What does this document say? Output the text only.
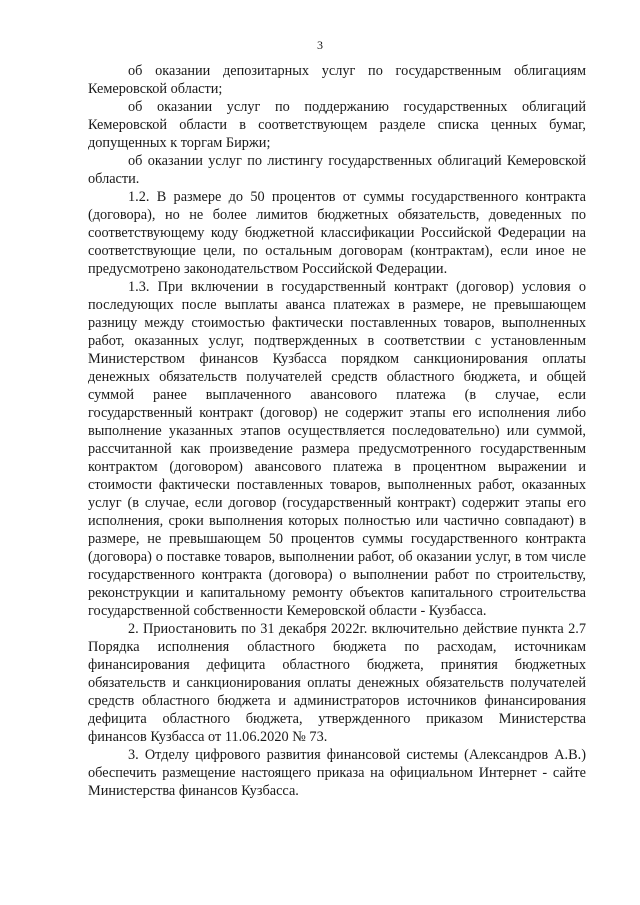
3

об оказании депозитарных услуг по государственным облигациям Кемеровской области;

об оказании услуг по поддержанию государственных облигаций Кемеровской области в соответствующем разделе списка ценных бумаг, допущенных к торгам Биржи;

об оказании услуг по листингу государственных облигаций Кемеровской области.

1.2. В размере до 50 процентов от суммы государственного контракта (договора), но не более лимитов бюджетных обязательств, доведенных по соответствующему коду бюджетной классификации Российской Федерации на соответствующие цели, по остальным договорам (контрактам), если иное не предусмотрено законодательством Российской Федерации.

1.3. При включении в государственный контракт (договор) условия о последующих после выплаты аванса платежах в размере, не превышающем разницу между стоимостью фактически поставленных товаров, выполненных работ, оказанных услуг, подтвержденных в соответствии с установленным Министерством финансов Кузбасса порядком санкционирования оплаты денежных обязательств получателей средств областного бюджета, и общей суммой ранее выплаченного авансового платежа (в случае, если государственный контракт (договор) не содержит этапы его исполнения либо выполнение указанных этапов осуществляется последовательно) или суммой, рассчитанной как произведение размера предусмотренного государственным контрактом (договором) авансового платежа в процентном выражении и стоимости фактически поставленных товаров, выполненных работ, оказанных услуг (в случае, если договор (государственный контракт) содержит этапы его исполнения, сроки выполнения которых полностью или частично совпадают) в размере, не превышающем 50 процентов суммы государственного контракта (договора) о поставке товаров, выполнении работ, об оказании услуг, в том числе государственного контракта (договора) о выполнении работ по строительству, реконструкции и капитальному ремонту объектов капитального строительства государственной собственности Кемеровской области - Кузбасса.

2. Приостановить по 31 декабря 2022г. включительно действие пункта 2.7 Порядка исполнения областного бюджета по расходам, источникам финансирования дефицита областного бюджета, принятия бюджетных обязательств и санкционирования оплаты денежных обязательств получателей средств областного бюджета и администраторов источников финансирования дефицита областного бюджета, утвержденного приказом Министерства финансов Кузбасса от 11.06.2020 № 73.

3. Отделу цифрового развития финансовой системы (Александров А.В.) обеспечить размещение настоящего приказа на официальном Интернет - сайте Министерства финансов Кузбасса.
